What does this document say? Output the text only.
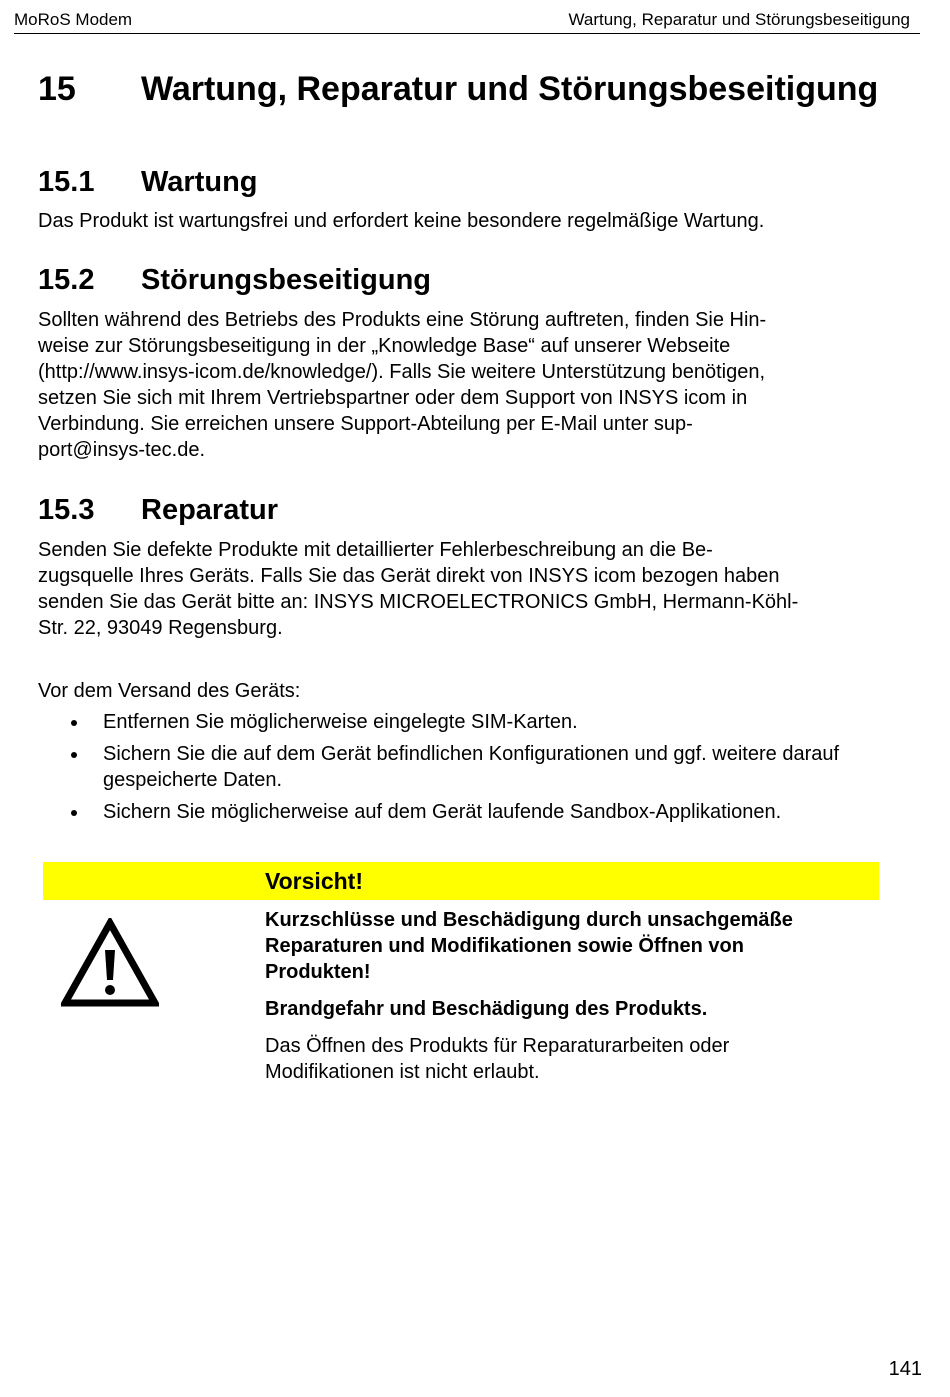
MoRoS Modem	Wartung, Reparatur und Störungsbeseitigung
15 Wartung, Reparatur und Störungsbeseitigung
15.1 Wartung
Das Produkt ist wartungsfrei und erfordert keine besondere regelmäßige Wartung.
15.2 Störungsbeseitigung
Sollten während des Betriebs des Produkts eine Störung auftreten, finden Sie Hin-
weise zur Störungsbeseitigung in der „Knowledge Base“ auf unserer Webseite
(http://www.insys-icom.de/knowledge/). Falls Sie weitere Unterstützung benötigen,
setzen Sie sich mit Ihrem Vertriebspartner oder dem Support von INSYS icom in
Verbindung. Sie erreichen unsere Support-Abteilung per E-Mail unter sup-
port@insys-tec.de.
15.3 Reparatur
Senden Sie defekte Produkte mit detaillierter Fehlerbeschreibung an die Be-
zugsquelle Ihres Geräts. Falls Sie das Gerät direkt von INSYS icom bezogen haben
senden Sie das Gerät bitte an: INSYS MICROELECTRONICS GmbH, Hermann-Köhl-
Str. 22, 93049 Regensburg.
Vor dem Versand des Geräts:
Entfernen Sie möglicherweise eingelegte SIM-Karten.
Sichern Sie die auf dem Gerät befindlichen Konfigurationen und ggf. weitere darauf gespeicherte Daten.
Sichern Sie möglicherweise auf dem Gerät laufende Sandbox-Applikationen.
Vorsicht!
Kurzschlüsse und Beschädigung durch unsachgemäße
Reparaturen und Modifikationen sowie Öffnen von
Produkten!
Brandgefahr und Beschädigung des Produkts.
Das Öffnen des Produkts für Reparaturarbeiten oder
Modifikationen ist nicht erlaubt.
141
